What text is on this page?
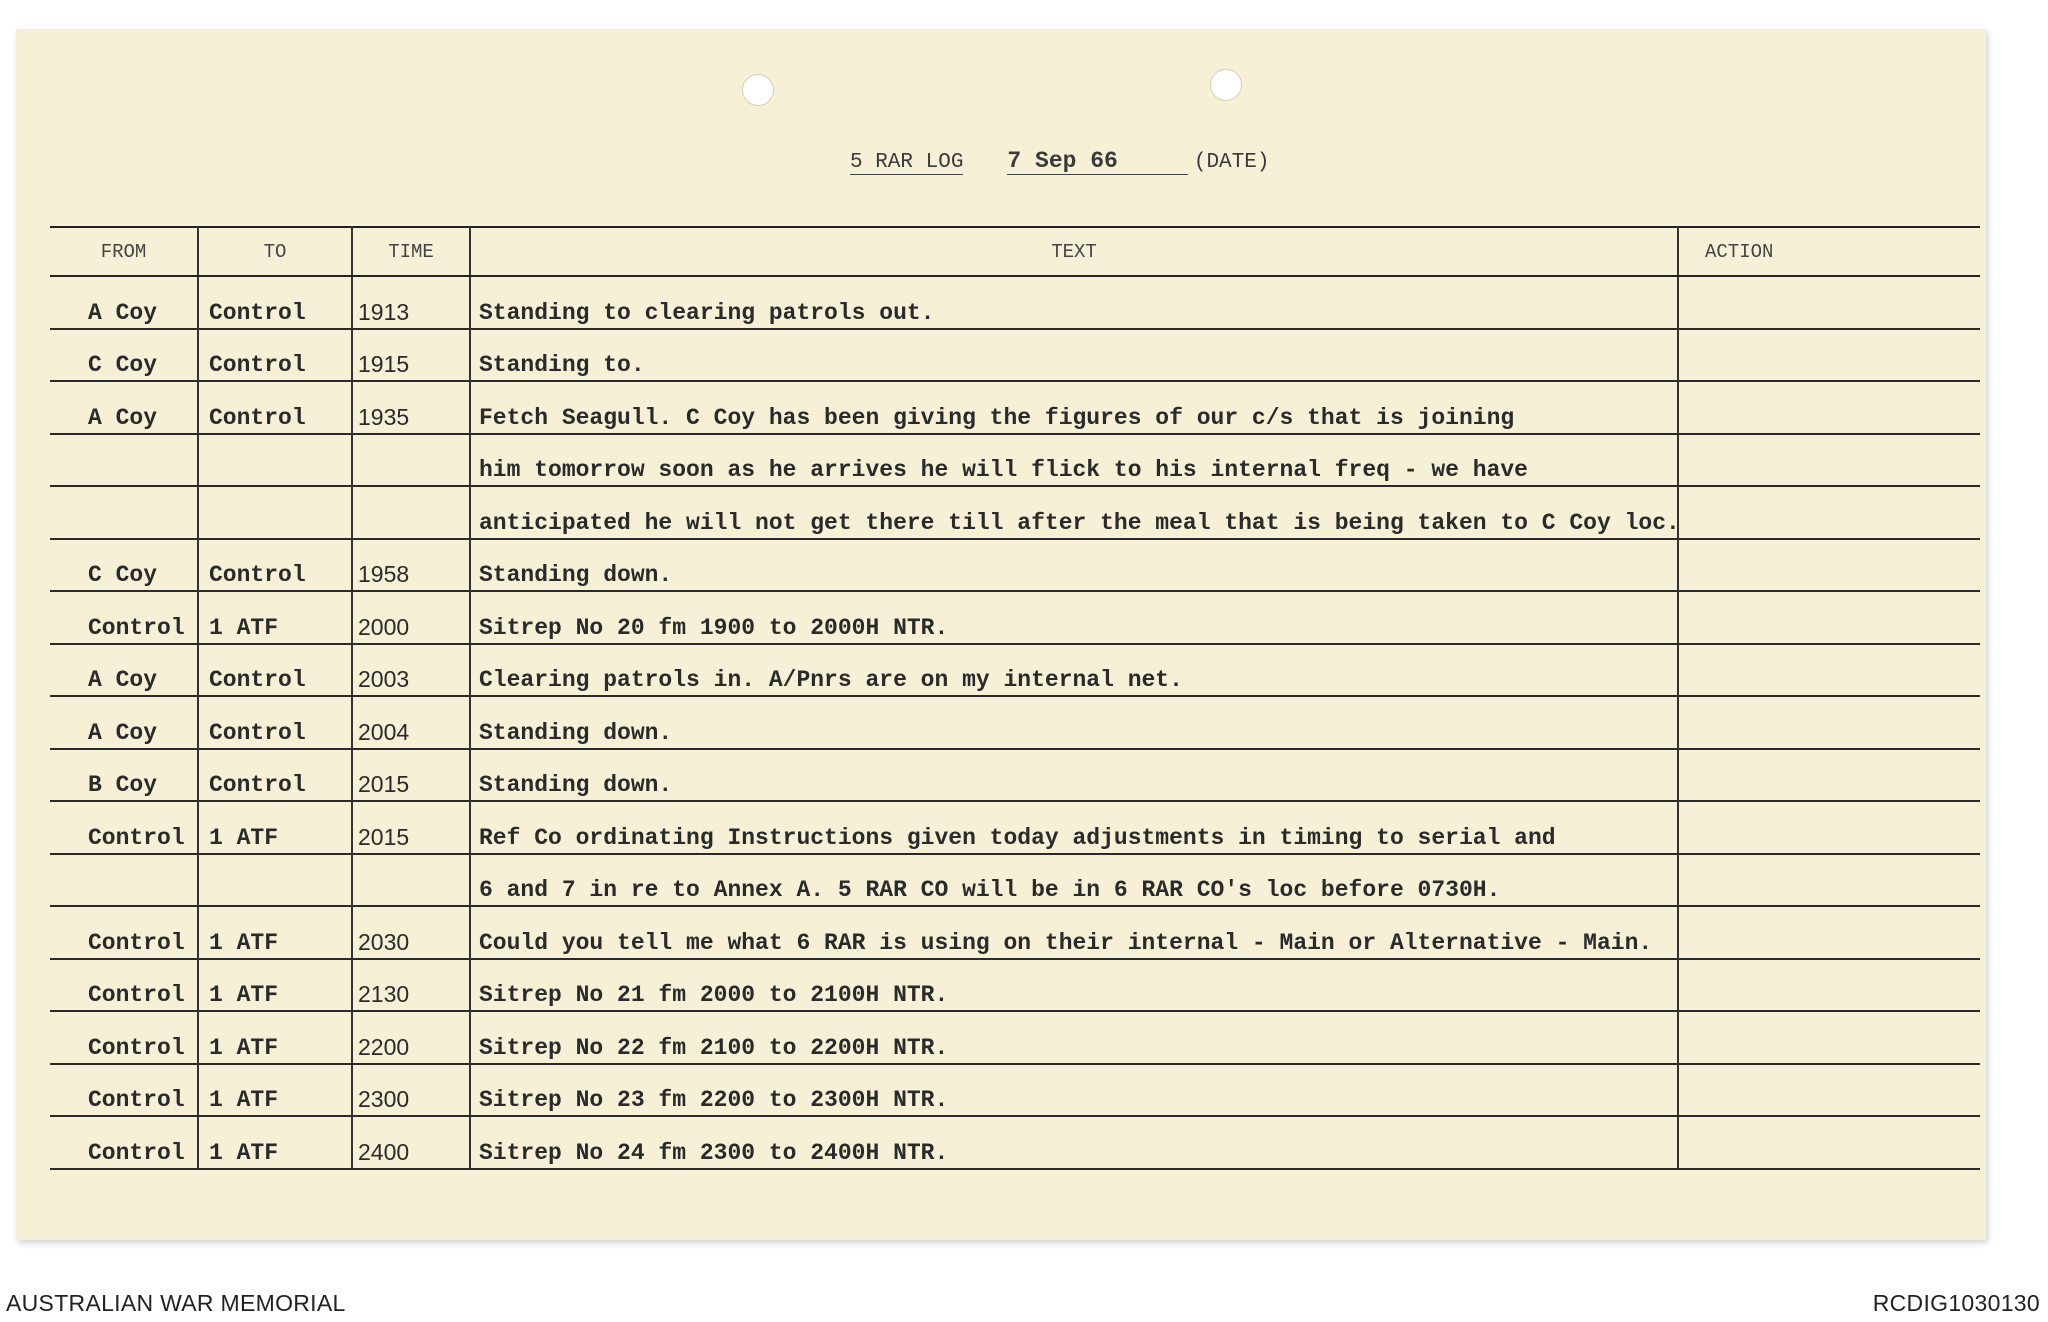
5 RAR LOG 7 Sep 66	(DATE)
FROM	TO	TIME	TEXT	ACTION
A Coy	Control	1913	Standing to clearing patrols out.	
C Coy	Control	1915	Standing to.	
A Coy	Control	1935	Fetch Seagull. C Coy has been giving the figures of our c/s that is joining	
			him tomorrow soon as he arrives he will flick to his internal freq - we have	
			anticipated he will not get there till after the meal that is being taken to C Coy loc.	
C Coy	Control	1958	Standing down.	
Control	1 ATF	2000	Sitrep No 20 fm 1900 to 2000H NTR.	
A Coy	Control	2003	Clearing patrols in. A/Pnrs are on my internal net.	
A Coy	Control	2004	Standing down.	
B Coy	Control	2015	Standing down.	
Control	1 ATF	2015	Ref Co ordinating Instructions given today adjustments in timing to serial and	
			6 and 7 in re to Annex A. 5 RAR CO will be in 6 RAR CO's loc before 0730H.	
Control	1 ATF	2030	Could you tell me what 6 RAR is using on their internal - Main or Alternative - Main.	
Control	1 ATF	2130	Sitrep No 21 fm 2000 to 2100H NTR.	
Control	1 ATF	2200	Sitrep No 22 fm 2100 to 2200H NTR.	
Control	1 ATF	2300	Sitrep No 23 fm 2200 to 2300H NTR.	
Control	1 ATF	2400	Sitrep No 24 fm 2300 to 2400H NTR.	
AUSTRALIAN WAR MEMORIAL	RCDIG1030130
